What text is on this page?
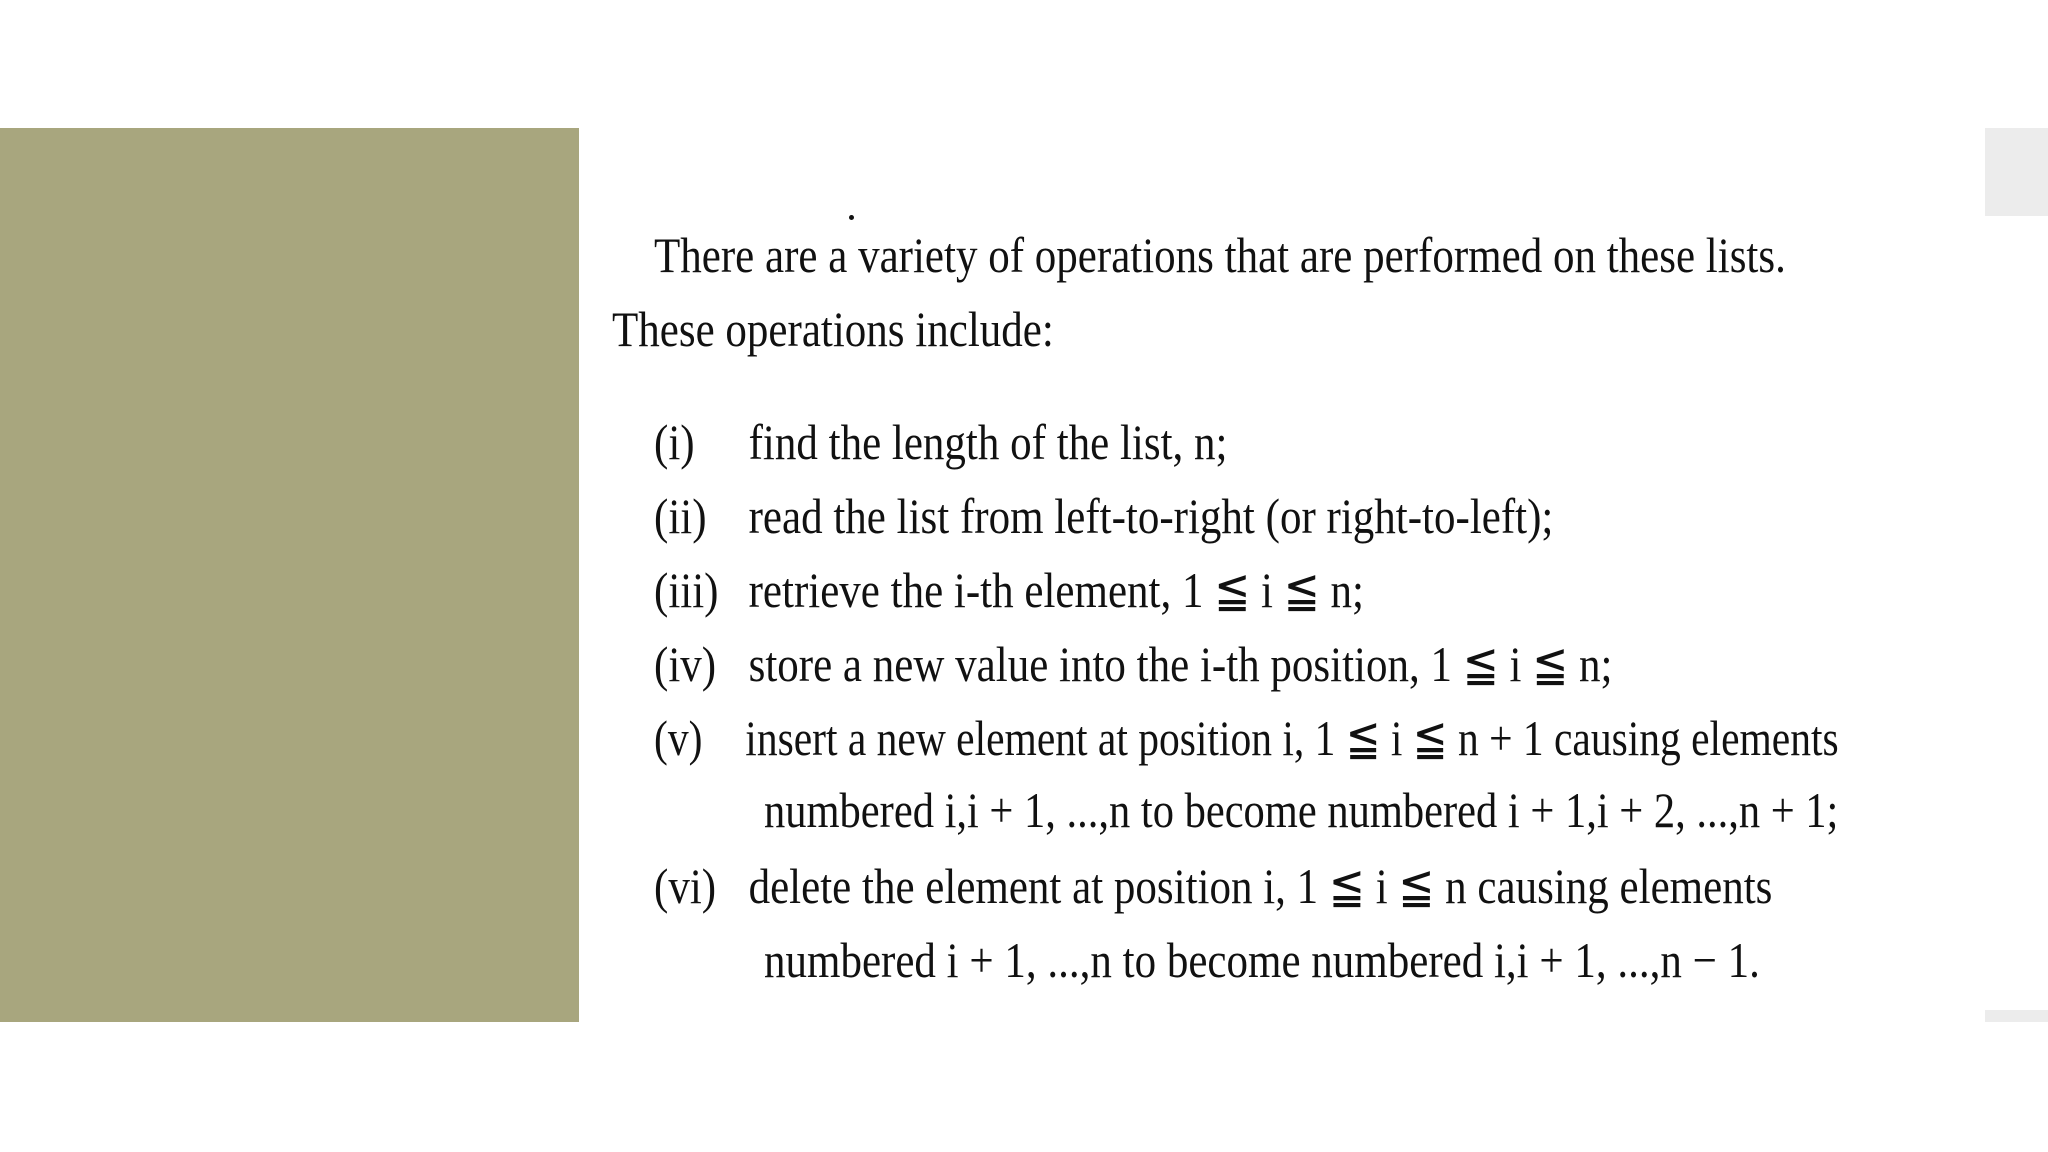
There are a variety of operations that are performed on these lists.
These operations include:
(i) find the length of the list, n;
(ii) read the list from left-to-right (or right-to-left);
(iii) retrieve the i-th element, 1 ≦ i ≦ n;
(iv) store a new value into the i-th position, 1 ≦ i ≦ n;
(v) insert a new element at position i, 1 ≦ i ≦ n + 1 causing elements
numbered i,i + 1, ...,n to become numbered i + 1,i + 2, ...,n + 1;
(vi) delete the element at position i, 1 ≦ i ≦ n causing elements
numbered i + 1, ...,n to become numbered i,i + 1, ...,n − 1.
